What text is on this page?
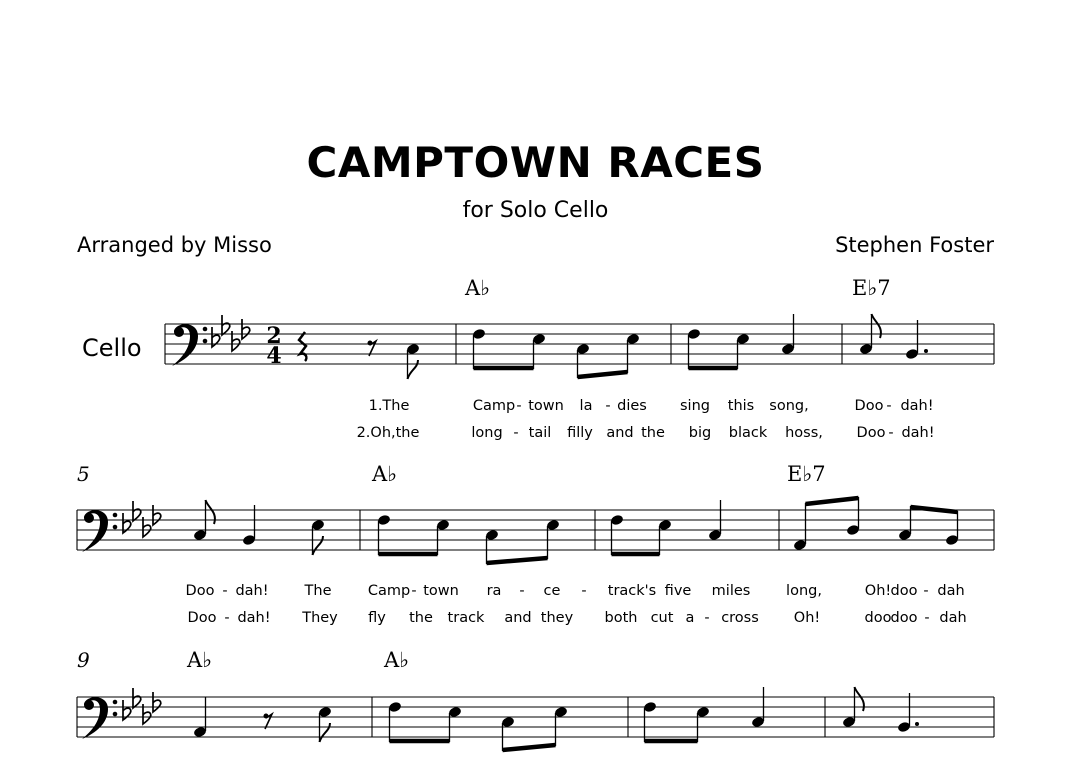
CAMPTOWN RACES
for Solo Cello
Arranged by Misso	Stephen Foster
Cello
5
9
A♭	E♭7
A♭	E♭7
A♭	A♭
1.The	Camp - town la - dies sing this song,	Doo - dah!
2.Oh,the	long - tail filly and the big black hoss, Doo - dah!
Doo - dah! The	Camp - town ra - ce - track's five miles long,	Oh! doo - dah
Doo - dah! They fly the track and they both cut a - cross Oh!	doo doo - dah
2
4
